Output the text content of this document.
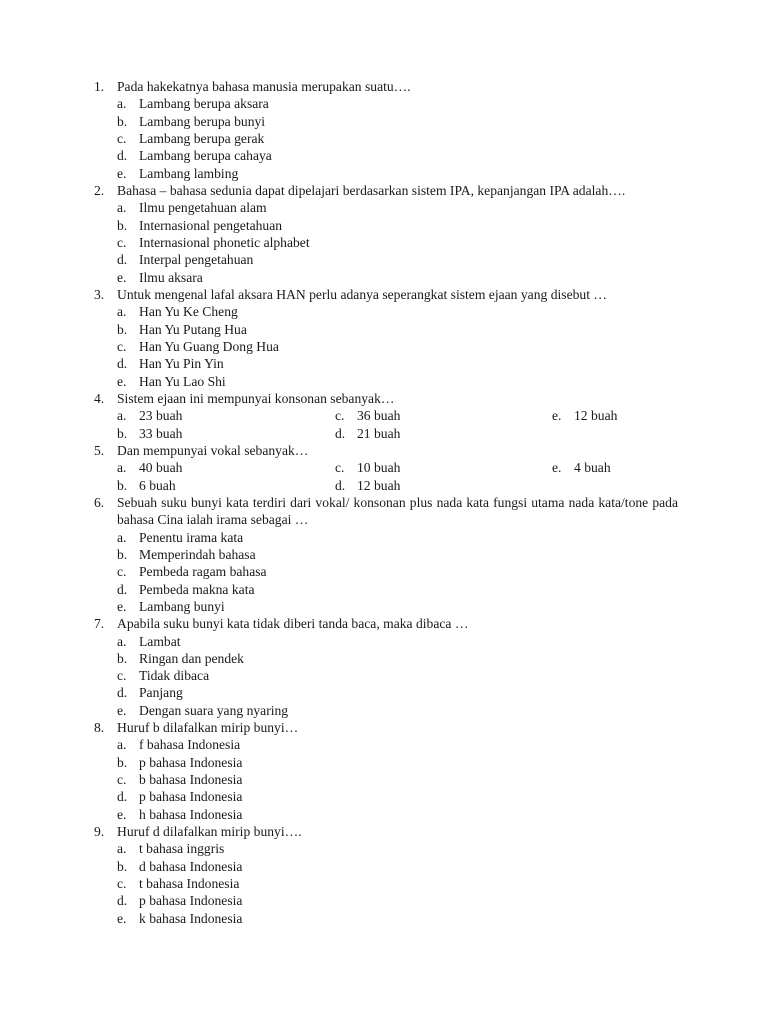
1. Pada hakekatnya bahasa manusia merupakan suatu….
a. Lambang berupa aksara
b. Lambang berupa bunyi
c. Lambang berupa gerak
d. Lambang berupa cahaya
e. Lambang lambing
2. Bahasa – bahasa sedunia dapat dipelajari berdasarkan sistem IPA, kepanjangan IPA adalah….
a. Ilmu pengetahuan alam
b. Internasional pengetahuan
c. Internasional phonetic alphabet
d. Interpal pengetahuan
e. Ilmu aksara
3. Untuk mengenal lafal aksara HAN perlu adanya seperangkat sistem ejaan yang disebut …
a. Han Yu Ke Cheng
b. Han Yu Putang Hua
c. Han Yu Guang Dong Hua
d. Han Yu Pin Yin
e. Han Yu Lao Shi
4. Sistem ejaan ini mempunyai konsonan sebanyak…
a. 23 buah
b. 33 buah
c. 36 buah
d. 21 buah
e. 12 buah
5. Dan mempunyai vokal sebanyak…
a. 40 buah
b. 6 buah
c. 10 buah
d. 12 buah
e. 4 buah
6. Sebuah suku bunyi kata terdiri dari vokal/ konsonan plus nada kata fungsi utama nada kata/tone pada bahasa Cina ialah irama sebagai …
a. Penentu irama kata
b. Memperindah bahasa
c. Pembeda ragam bahasa
d. Pembeda makna kata
e. Lambang bunyi
7. Apabila suku bunyi kata tidak diberi tanda baca, maka dibaca …
a. Lambat
b. Ringan dan pendek
c. Tidak dibaca
d. Panjang
e. Dengan suara yang nyaring
8. Huruf b dilafalkan mirip bunyi…
a. f bahasa Indonesia
b. p bahasa Indonesia
c. b bahasa Indonesia
d. p bahasa Indonesia
e. h bahasa Indonesia
9. Huruf d dilafalkan mirip bunyi….
a. t bahasa inggris
b. d bahasa Indonesia
c. t bahasa Indonesia
d. p bahasa Indonesia
e. k bahasa Indonesia
